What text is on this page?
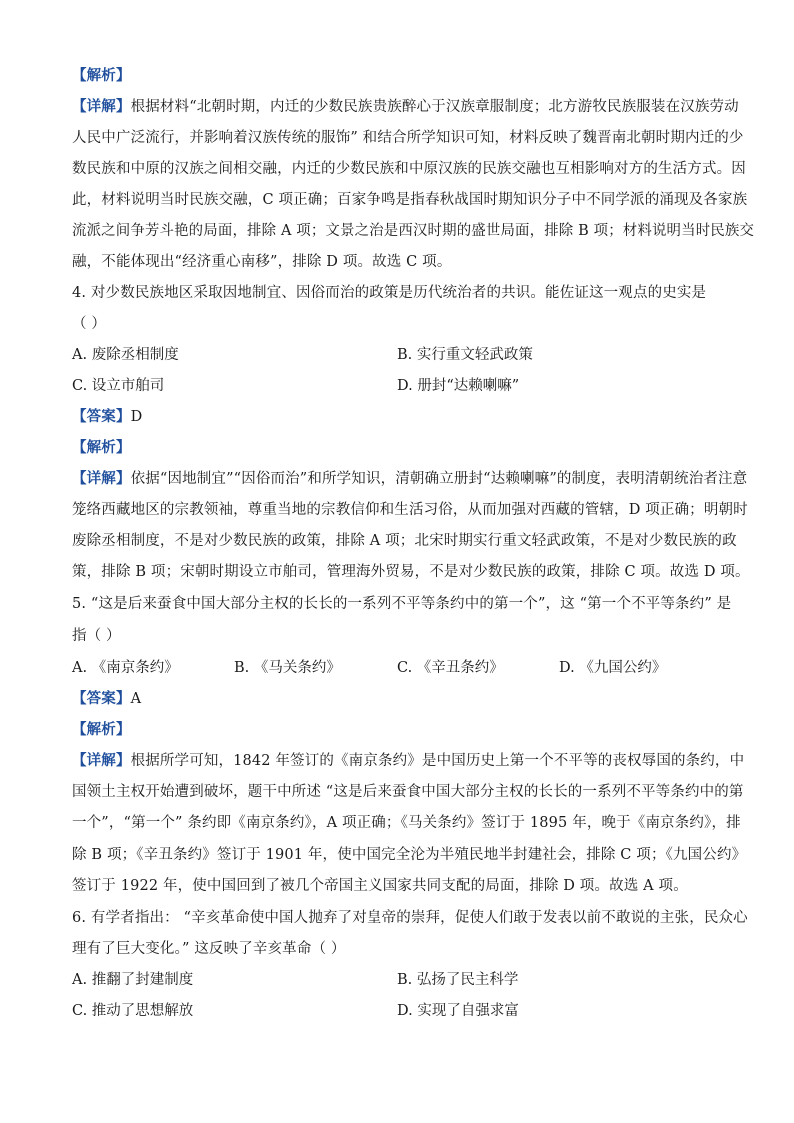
【解析】
【详解】根据材料“北朝时期，内迁的少数民族贵族醉心于汉族章服制度；北方游牧民族服装在汉族劳动
人民中广泛流行，并影响着汉族传统的服饰” 和结合所学知识可知，材料反映了魏晋南北朝时期内迁的少
数民族和中原的汉族之间相交融，内迁的少数民族和中原汉族的民族交融也互相影响对方的生活方式。因
此，材料说明当时民族交融，C 项正确；百家争鸣是指春秋战国时期知识分子中不同学派的涌现及各家族
流派之间争芳斗艳的局面，排除 A 项；文景之治是西汉时期的盛世局面，排除 B 项；材料说明当时民族交
融，不能体现出“经济重心南移”，排除 D 项。故选 C 项。
4. 对少数民族地区采取因地制宜、因俗而治的政策是历代统治者的共识。能佐证这一观点的史实是
（ ）
A. 废除丞相制度	B. 实行重文轻武政策
C. 设立市舶司	D. 册封“达赖喇嘛”
【答案】D
【解析】
【详解】依据“因地制宜”“因俗而治”和所学知识，清朝确立册封“达赖喇嘛”的制度，表明清朝统治者注意
笼络西藏地区的宗教领袖，尊重当地的宗教信仰和生活习俗，从而加强对西藏的管辖，D 项正确；明朝时
废除丞相制度，不是对少数民族的政策，排除 A 项；北宋时期实行重文轻武政策，不是对少数民族的政
策，排除 B 项；宋朝时期设立市舶司，管理海外贸易，不是对少数民族的政策，排除 C 项。故选 D 项。
5. “这是后来蚕食中国大部分主权的长长的一系列不平等条约中的第一个”，这 “第一个不平等条约” 是
指（ ）
A. 《南京条约》	B. 《马关条约》	C. 《辛丑条约》	D. 《九国公约》
【答案】A
【解析】
【详解】根据所学可知，1842 年签订的《南京条约》是中国历史上第一个不平等的丧权辱国的条约，中
国领土主权开始遭到破坏，题干中所述 “这是后来蚕食中国大部分主权的长长的一系列不平等条约中的第
一个”，“第一个” 条约即《南京条约》，A 项正确；《马关条约》签订于 1895 年，晚于《南京条约》，排
除 B 项；《辛丑条约》签订于 1901 年，使中国完全沦为半殖民地半封建社会，排除 C 项；《九国公约》
签订于 1922 年，使中国回到了被几个帝国主义国家共同支配的局面，排除 D 项。故选 A 项。
6. 有学者指出： “辛亥革命使中国人抛弃了对皇帝的崇拜，促使人们敢于发表以前不敢说的主张，民众心
理有了巨大变化。” 这反映了辛亥革命（ ）
A. 推翻了封建制度	B. 弘扬了民主科学
C. 推动了思想解放	D. 实现了自强求富
